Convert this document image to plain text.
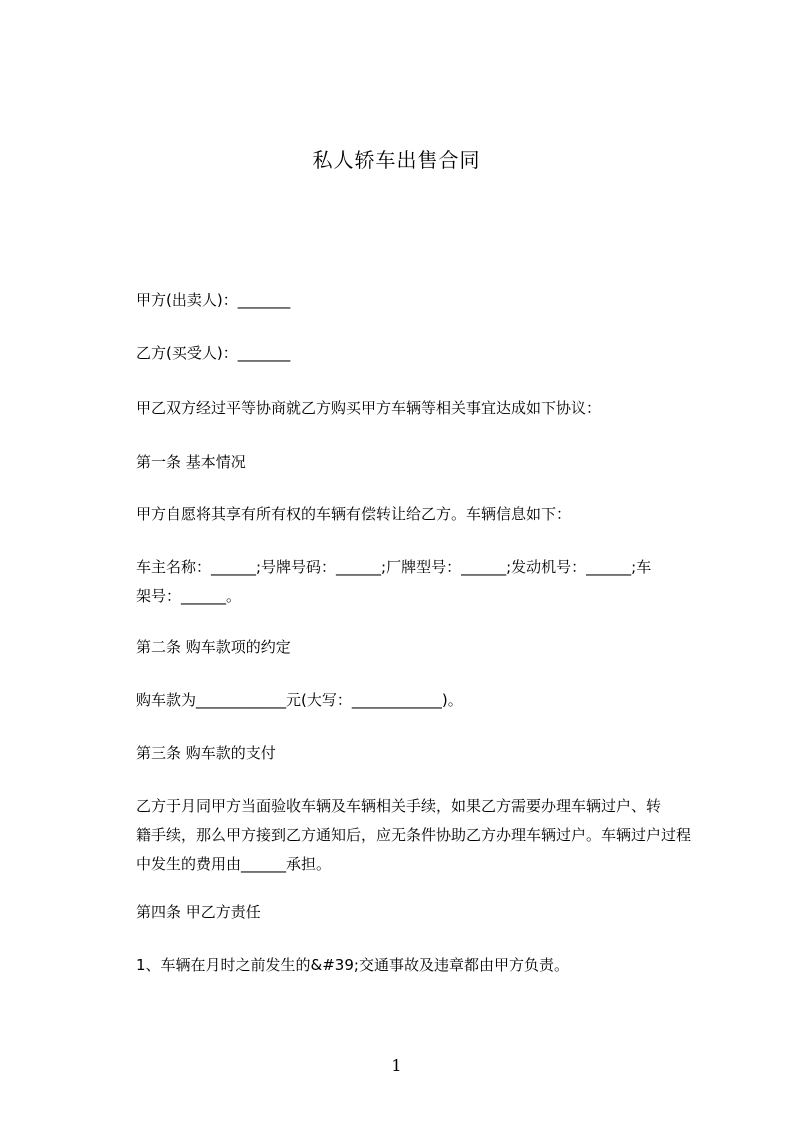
私人轿车出售合同
甲方(出卖人)：_______
乙方(买受人)：_______
甲乙双方经过平等协商就乙方购买甲方车辆等相关事宜达成如下协议：
第一条 基本情况
甲方自愿将其享有所有权的车辆有偿转让给乙方。车辆信息如下：
车主名称：______;号牌号码：______;厂牌型号：______;发动机号：______;车
架号：______。
第二条 购车款项的约定
购车款为____________元(大写：____________)。
第三条 购车款的支付
乙方于月同甲方当面验收车辆及车辆相关手续，如果乙方需要办理车辆过户、转
籍手续，那么甲方接到乙方通知后，应无条件协助乙方办理车辆过户。车辆过户过程
中发生的费用由______承担。
第四条 甲乙方责任
1、车辆在月时之前发生的&#39;交通事故及违章都由甲方负责。
1
